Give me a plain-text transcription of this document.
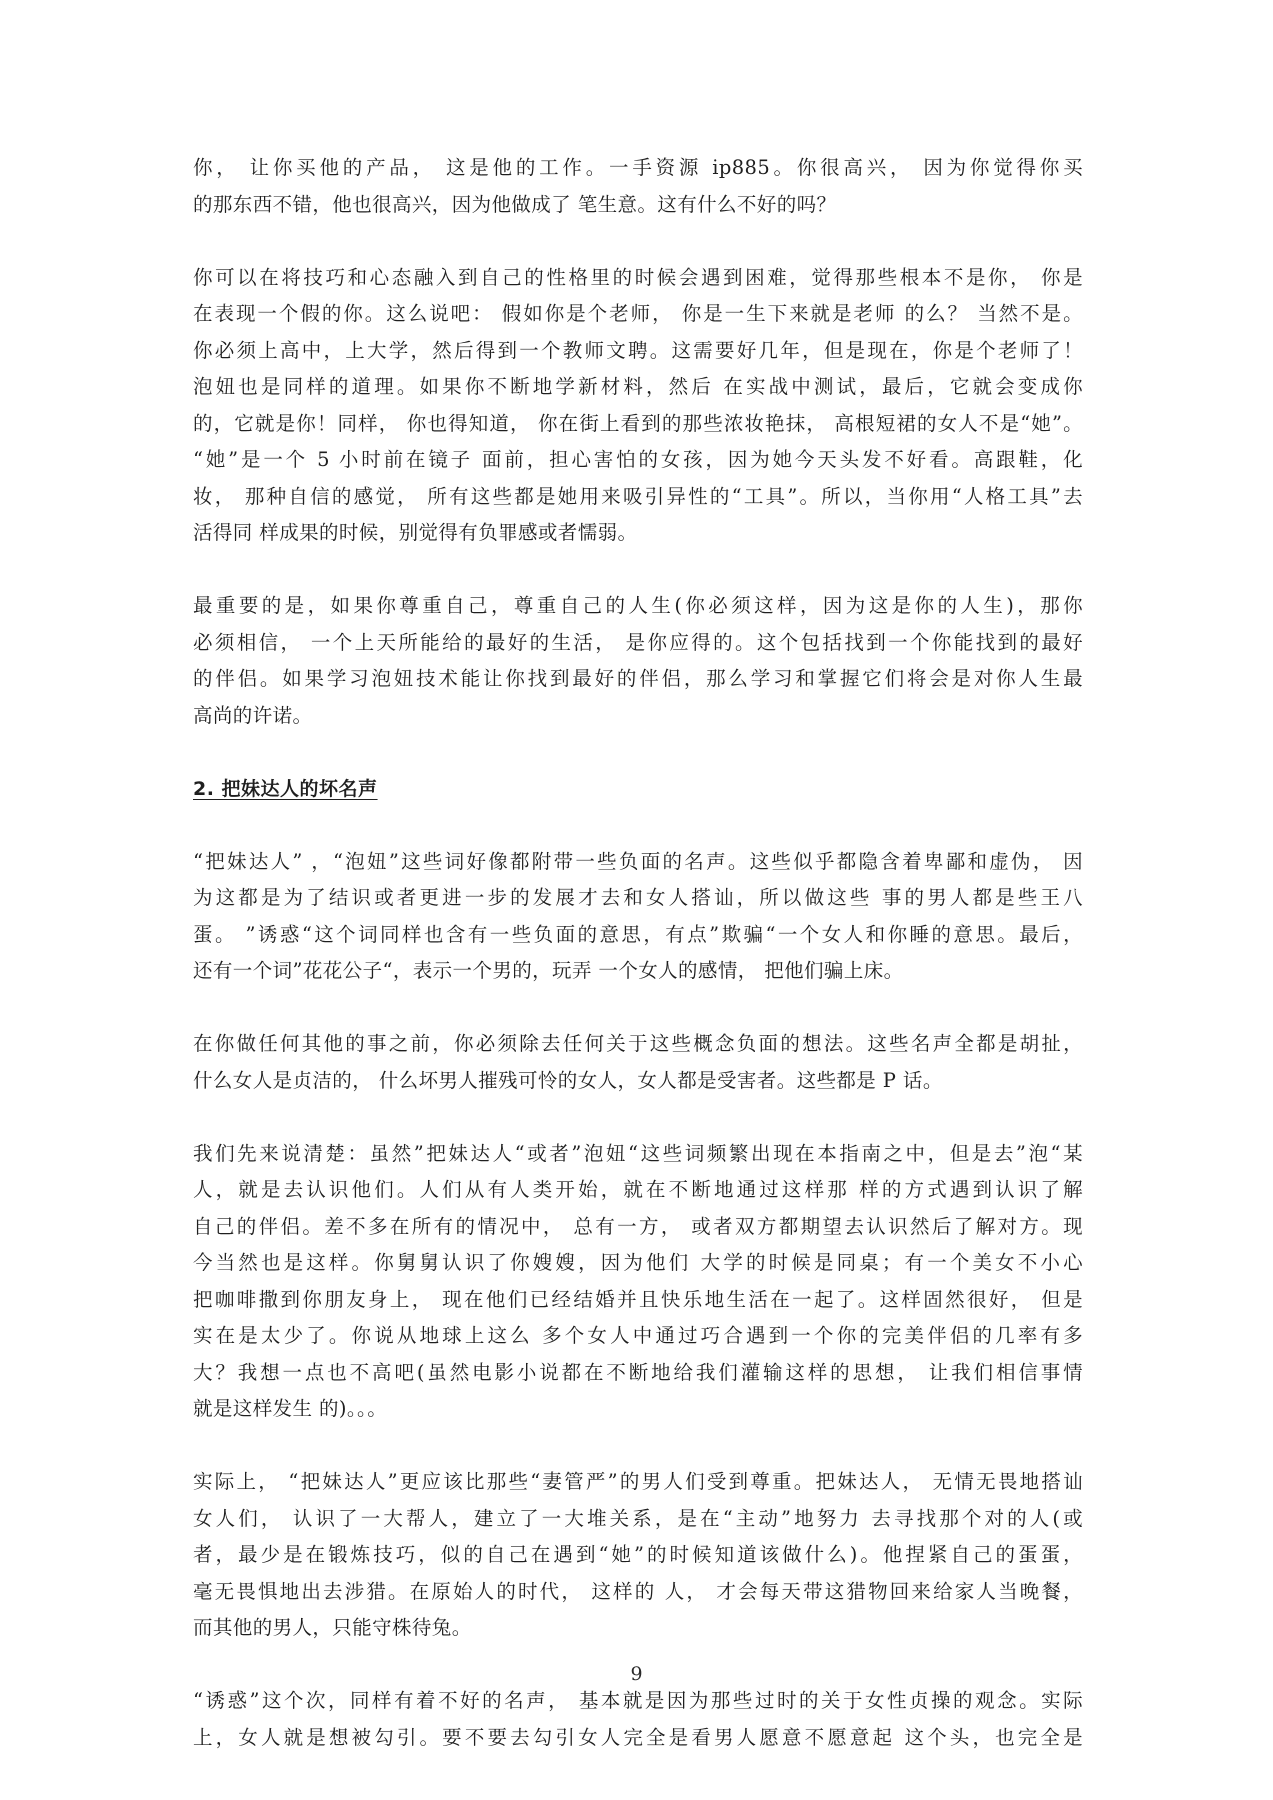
你， 让你买他的产品， 这是他的工作。一手资源 ip885。你很高兴， 因为你觉得你买
的那东西不错，他也很高兴，因为他做成了 笔生意。这有什么不好的吗？
你可以在将技巧和心态融入到自己的性格里的时候会遇到困难，觉得那些根本不是你， 你是
在表现一个假的你。这么说吧： 假如你是个老师， 你是一生下来就是老师 的么？ 当然不是。
你必须上高中，上大学，然后得到一个教师文聘。这需要好几年，但是现在，你是个老师了！
泡妞也是同样的道理。如果你不断地学新材料，然后 在实战中测试，最后，它就会变成你
的，它就是你！同样， 你也得知道， 你在街上看到的那些浓妆艳抹， 高根短裙的女人不是“她”。
“她”是一个 5 小时前在镜子 面前，担心害怕的女孩，因为她今天头发不好看。高跟鞋，化
妆， 那种自信的感觉， 所有这些都是她用来吸引异性的“工具”。所以，当你用“人格工具”去
活得同 样成果的时候，别觉得有负罪感或者懦弱。
最重要的是，如果你尊重自己，尊重自己的人生(你必须这样，因为这是你的人生)，那你
必须相信， 一个上天所能给的最好的生活， 是你应得的。这个包括找到一个你能找到的最好
的伴侣。如果学习泡妞技术能让你找到最好的伴侣，那么学习和掌握它们将会是对你人生最
高尚的许诺。
2. 把妹达人的坏名声
“把妹达人” ，“泡妞”这些词好像都附带一些负面的名声。这些似乎都隐含着卑鄙和虚伪， 因
为这都是为了结识或者更进一步的发展才去和女人搭讪，所以做这些 事的男人都是些王八
蛋。 ”诱惑“这个词同样也含有一些负面的意思，有点”欺骗“一个女人和你睡的意思。最后，
还有一个词”花花公子“，表示一个男的，玩弄 一个女人的感情， 把他们骗上床。
在你做任何其他的事之前，你必须除去任何关于这些概念负面的想法。这些名声全都是胡扯，
什么女人是贞洁的， 什么坏男人摧残可怜的女人，女人都是受害者。这些都是 P 话。
我们先来说清楚：虽然”把妹达人“或者”泡妞“这些词频繁出现在本指南之中，但是去”泡“某
人，就是去认识他们。人们从有人类开始，就在不断地通过这样那 样的方式遇到认识了解
自己的伴侣。差不多在所有的情况中， 总有一方， 或者双方都期望去认识然后了解对方。现
今当然也是这样。你舅舅认识了你嫂嫂，因为他们 大学的时候是同桌；有一个美女不小心
把咖啡撒到你朋友身上， 现在他们已经结婚并且快乐地生活在一起了。这样固然很好， 但是
实在是太少了。你说从地球上这么 多个女人中通过巧合遇到一个你的完美伴侣的几率有多
大？我想一点也不高吧(虽然电影小说都在不断地给我们灌输这样的思想， 让我们相信事情
就是这样发生 的)。。。
实际上， “把妹达人”更应该比那些“妻管严”的男人们受到尊重。把妹达人， 无情无畏地搭讪
女人们， 认识了一大帮人，建立了一大堆关系，是在“主动”地努力 去寻找那个对的人(或
者，最少是在锻炼技巧，似的自己在遇到“她”的时候知道该做什么)。他捏紧自己的蛋蛋，
毫无畏惧地出去涉猎。在原始人的时代， 这样的 人， 才会每天带这猎物回来给家人当晚餐，
而其他的男人，只能守株待兔。
“诱惑”这个次，同样有着不好的名声， 基本就是因为那些过时的关于女性贞操的观念。实际
上，女人就是想被勾引。要不要去勾引女人完全是看男人愿意不愿意起 这个头，也完全是
9
